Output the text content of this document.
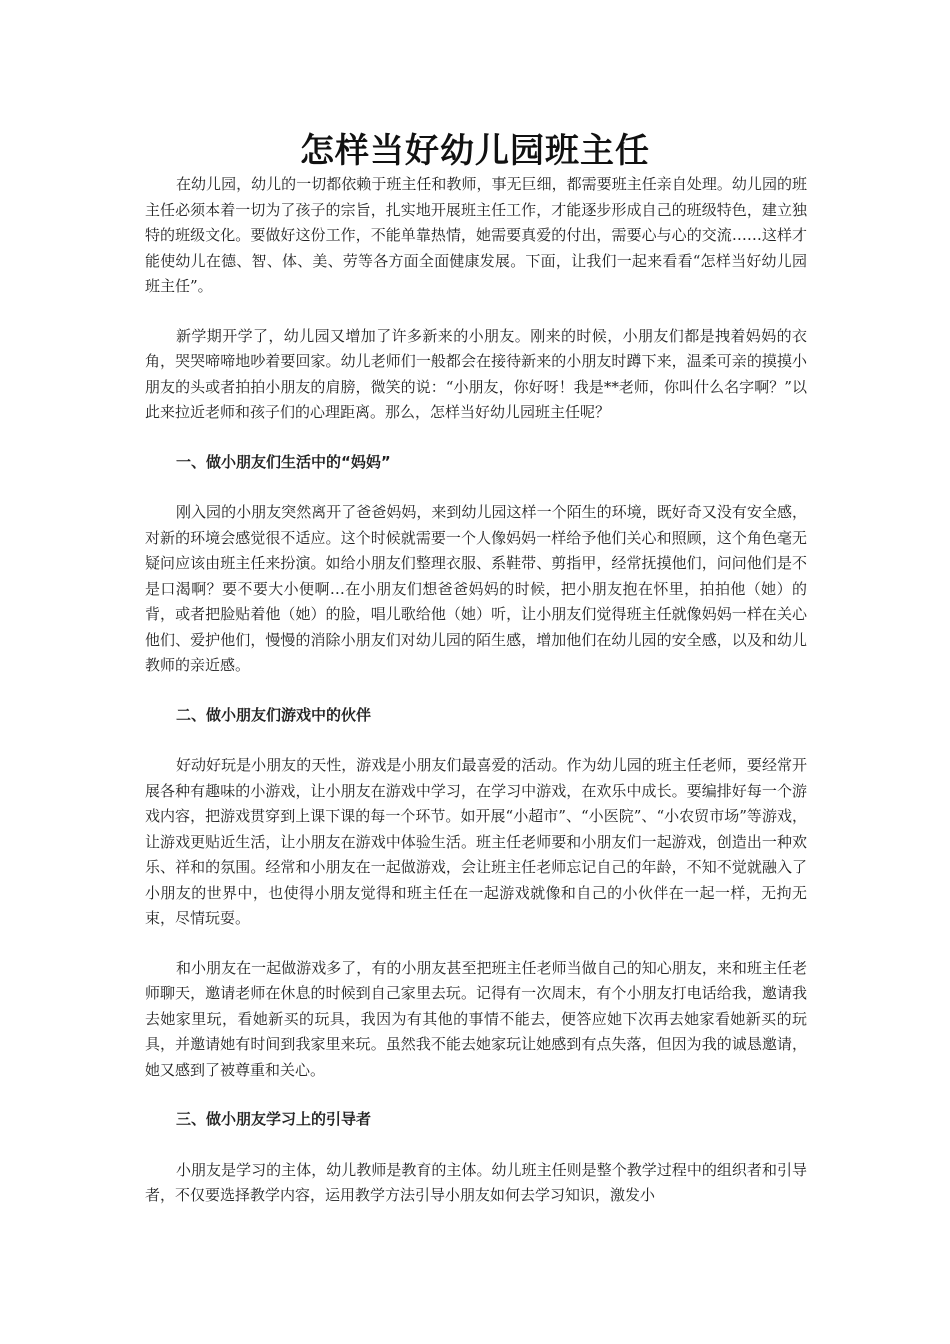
怎样当好幼儿园班主任

在幼儿园，幼儿的一切都依赖于班主任和教师，事无巨细，都需要班主任亲自处理。幼儿园的班主任必须本着一切为了孩子的宗旨，扎实地开展班主任工作，才能逐步形成自己的班级特色，建立独特的班级文化。要做好这份工作，不能单靠热情，她需要真爱的付出，需要心与心的交流……这样才能使幼儿在德、智、体、美、劳等各方面全面健康发展。下面，让我们一起来看看“怎样当好幼儿园班主任”。

新学期开学了，幼儿园又增加了许多新来的小朋友。刚来的时候，小朋友们都是拽着妈妈的衣角，哭哭啼啼地吵着要回家。幼儿老师们一般都会在接待新来的小朋友时蹲下来，温柔可亲的摸摸小朋友的头或者拍拍小朋友的肩膀，微笑的说：“小朋友，你好呀！我是**老师，你叫什么名字啊？”以此来拉近老师和孩子们的心理距离。那么，怎样当好幼儿园班主任呢？

一、做小朋友们生活中的“妈妈”

刚入园的小朋友突然离开了爸爸妈妈，来到幼儿园这样一个陌生的环境，既好奇又没有安全感，对新的环境会感觉很不适应。这个时候就需要一个人像妈妈一样给予他们关心和照顾，这个角色毫无疑问应该由班主任来扮演。如给小朋友们整理衣服、系鞋带、剪指甲，经常抚摸他们，问问他们是不是口渴啊？要不要大小便啊…在小朋友们想爸爸妈妈的时候，把小朋友抱在怀里，拍拍他（她）的背，或者把脸贴着他（她）的脸，唱儿歌给他（她）听，让小朋友们觉得班主任就像妈妈一样在关心他们、爱护他们，慢慢的消除小朋友们对幼儿园的陌生感，增加他们在幼儿园的安全感，以及和幼儿教师的亲近感。

二、做小朋友们游戏中的伙伴

好动好玩是小朋友的天性，游戏是小朋友们最喜爱的活动。作为幼儿园的班主任老师，要经常开展各种有趣味的小游戏，让小朋友在游戏中学习，在学习中游戏，在欢乐中成长。要编排好每一个游戏内容，把游戏贯穿到上课下课的每一个环节。如开展“小超市”、“小医院”、“小农贸市场”等游戏，让游戏更贴近生活，让小朋友在游戏中体验生活。班主任老师要和小朋友们一起游戏，创造出一种欢乐、祥和的氛围。经常和小朋友在一起做游戏，会让班主任老师忘记自己的年龄，不知不觉就融入了小朋友的世界中，也使得小朋友觉得和班主任在一起游戏就像和自己的小伙伴在一起一样，无拘无束，尽情玩耍。

和小朋友在一起做游戏多了，有的小朋友甚至把班主任老师当做自己的知心朋友，来和班主任老师聊天，邀请老师在休息的时候到自己家里去玩。记得有一次周末，有个小朋友打电话给我，邀请我去她家里玩，看她新买的玩具，我因为有其他的事情不能去，便答应她下次再去她家看她新买的玩具，并邀请她有时间到我家里来玩。虽然我不能去她家玩让她感到有点失落，但因为我的诚恳邀请，她又感到了被尊重和关心。

三、做小朋友学习上的引导者

小朋友是学习的主体，幼儿教师是教育的主体。幼儿班主任则是整个教学过程中的组织者和引导者，不仅要选择教学内容，运用教学方法引导小朋友如何去学习知识，激发小
